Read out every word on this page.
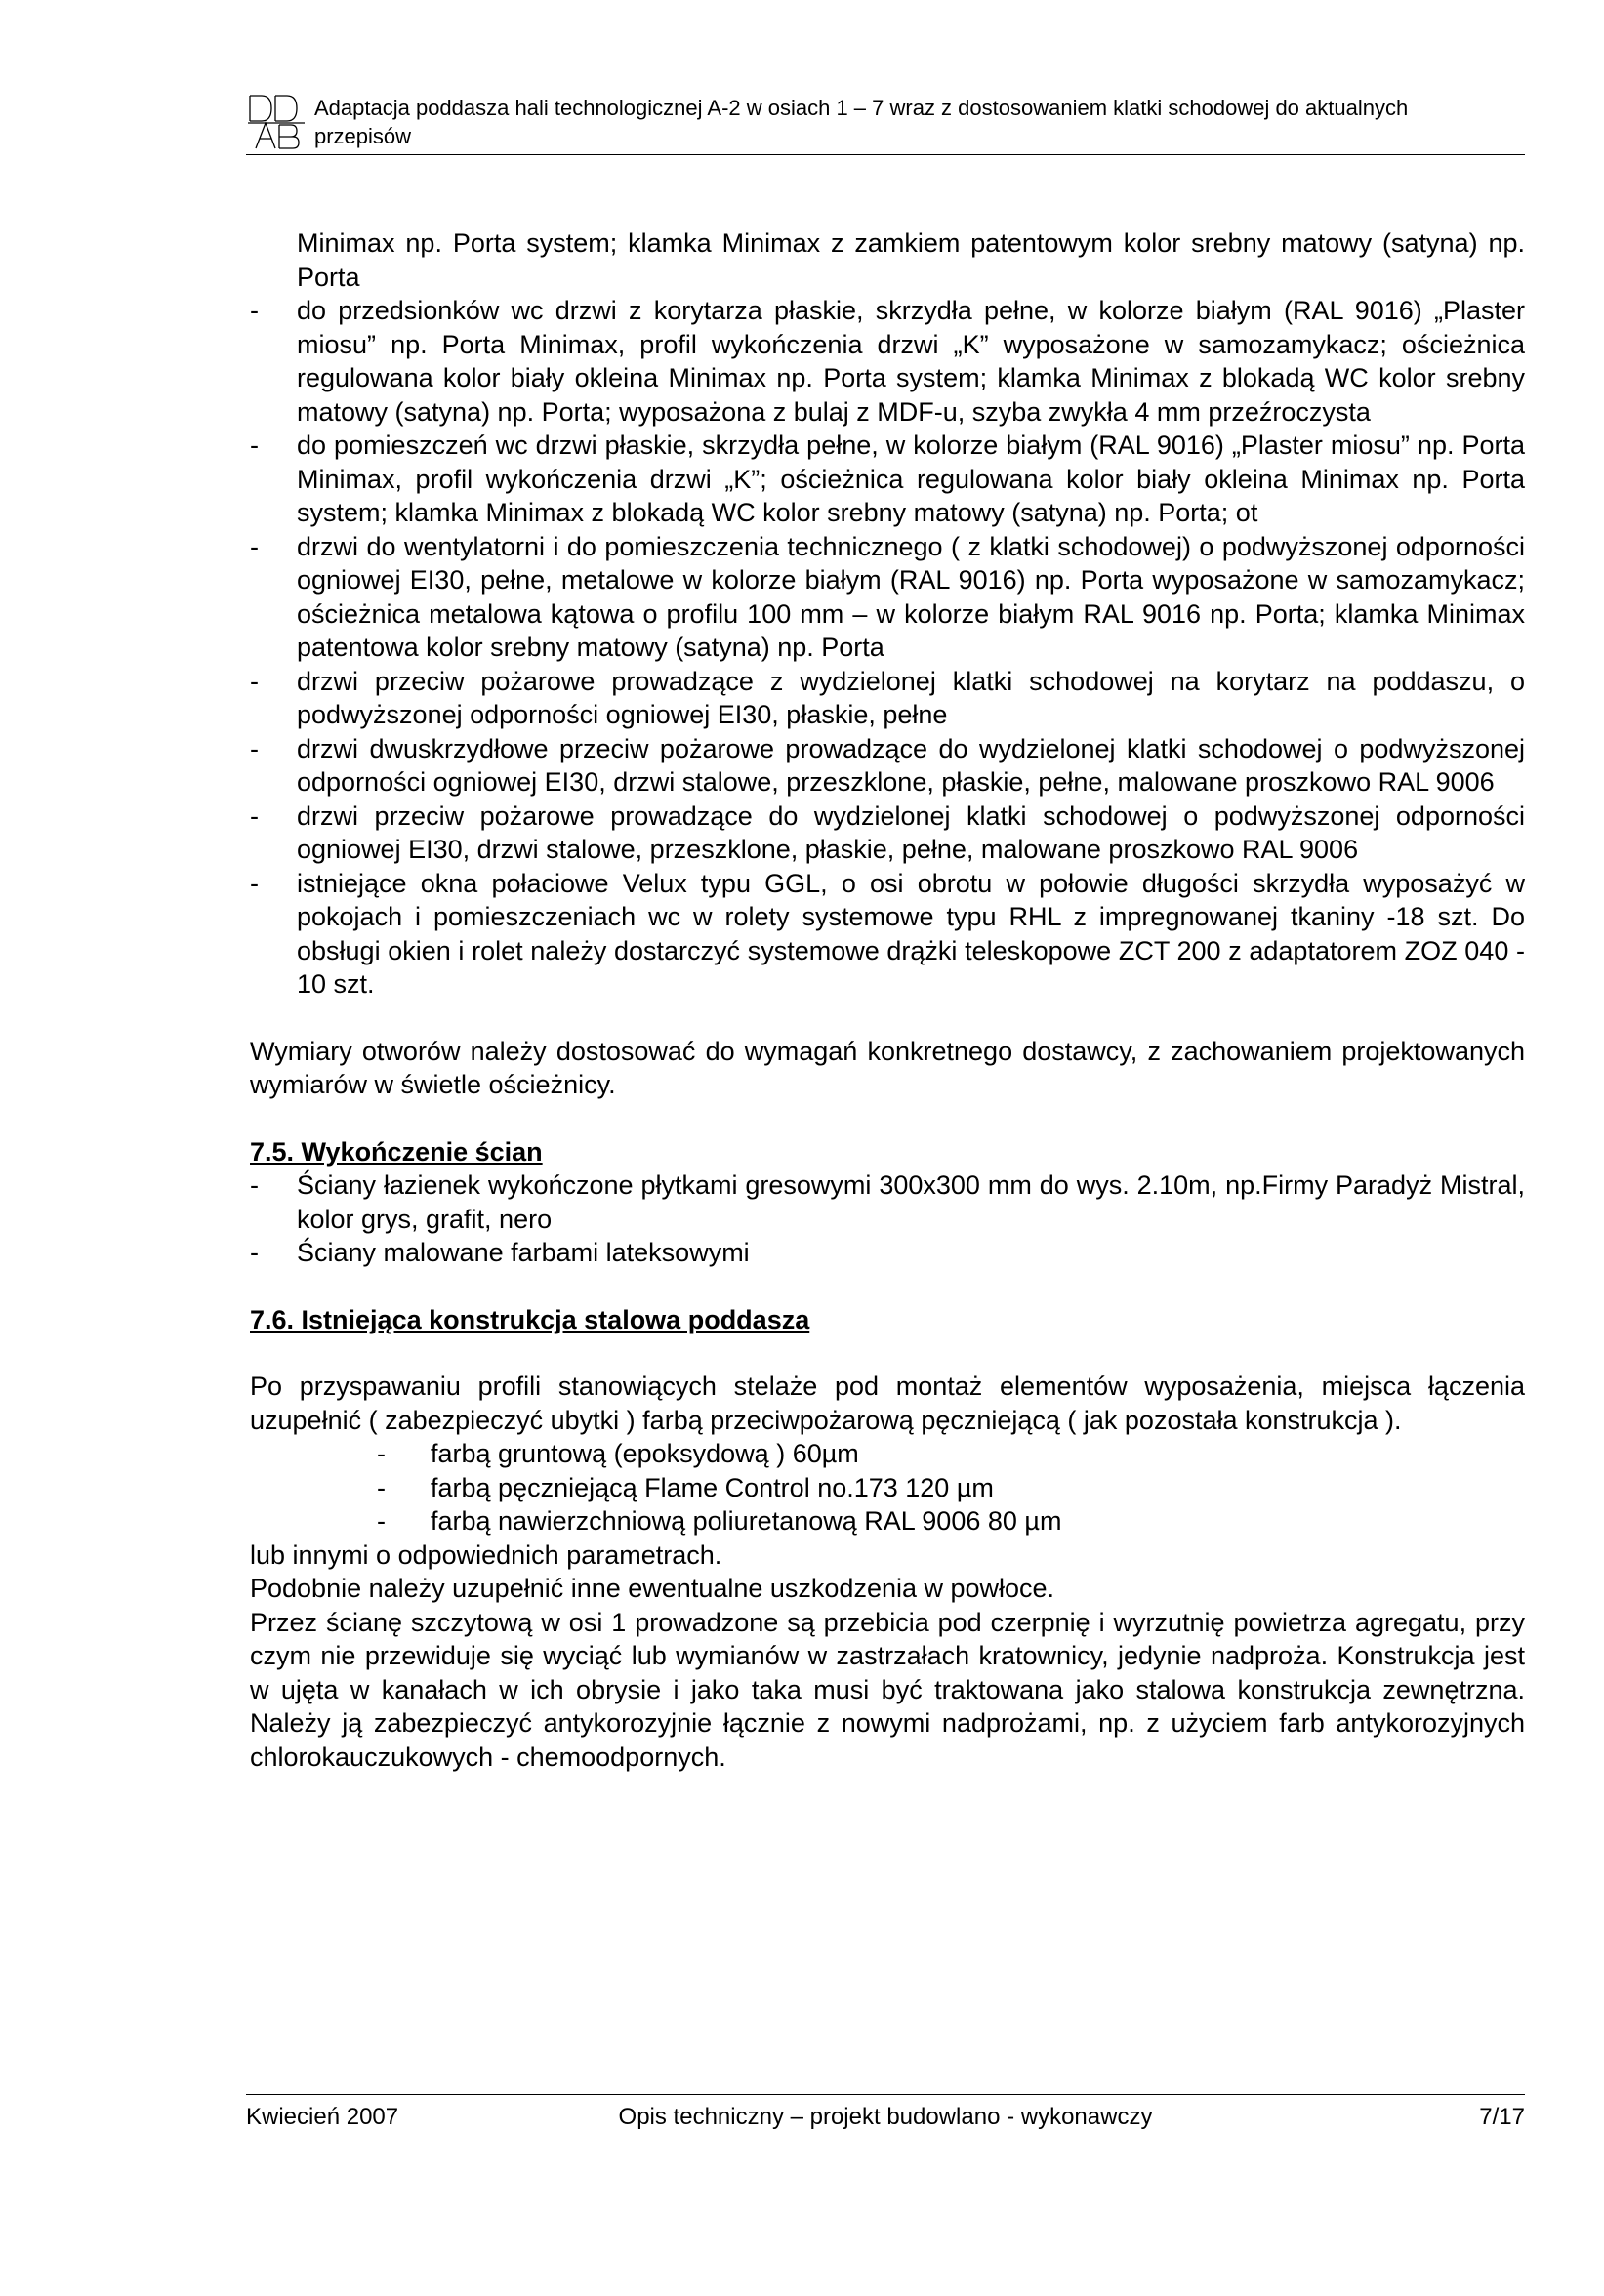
Adaptacja poddasza hali technologicznej A-2 w osiach 1 – 7 wraz z dostosowaniem klatki schodowej do aktualnych przepisów

Minimax np. Porta system; klamka Minimax z zamkiem patentowym kolor srebny matowy (satyna) np. Porta

- do przedsionków wc drzwi z korytarza płaskie, skrzydła pełne, w kolorze białym (RAL 9016) „Plaster miosu” np. Porta Minimax, profil wykończenia drzwi „K” wyposażone w samozamykacz; ościeżnica regulowana kolor biały okleina Minimax np. Porta system; klamka Minimax z blokadą WC kolor srebny matowy (satyna) np. Porta; wyposażona z bulaj z MDF-u, szyba zwykła 4 mm przeźroczysta
- do pomieszczeń wc drzwi płaskie, skrzydła pełne, w kolorze białym (RAL 9016) „Plaster miosu” np. Porta Minimax, profil wykończenia drzwi „K”; ościeżnica regulowana kolor biały okleina Minimax np. Porta system; klamka Minimax z blokadą WC kolor srebny matowy (satyna) np. Porta; ot
- drzwi do wentylatorni i do pomieszczenia technicznego ( z klatki schodowej) o podwyższonej odporności ogniowej EI30, pełne, metalowe w kolorze białym (RAL 9016) np. Porta wyposażone w samozamykacz; ościeżnica metalowa kątowa o profilu 100 mm – w kolorze białym RAL 9016 np. Porta; klamka Minimax patentowa kolor srebny matowy (satyna) np. Porta
- drzwi przeciw pożarowe prowadzące z wydzielonej klatki schodowej na korytarz na poddaszu, o podwyższonej odporności ogniowej EI30, płaskie, pełne
- drzwi dwuskrzydłowe przeciw pożarowe prowadzące do wydzielonej klatki schodowej o podwyższonej odporności ogniowej EI30, drzwi stalowe, przeszklone, płaskie, pełne, malowane proszkowo RAL 9006
- drzwi przeciw pożarowe prowadzące do wydzielonej klatki schodowej o podwyższonej odporności ogniowej EI30, drzwi stalowe, przeszklone, płaskie, pełne, malowane proszkowo RAL 9006
- istniejące okna połaciowe Velux typu GGL, o osi obrotu w połowie długości skrzydła wyposażyć w pokojach i pomieszczeniach wc w rolety systemowe typu RHL z impregnowanej tkaniny -18 szt. Do obsługi okien i rolet należy dostarczyć systemowe drążki teleskopowe ZCT 200 z adaptatorem ZOZ 040 - 10 szt.

Wymiary otworów należy dostosować do wymagań konkretnego dostawcy, z zachowaniem projektowanych wymiarów w świetle ościeżnicy.

7.5. Wykończenie ścian

- Ściany łazienek wykończone płytkami gresowymi 300x300 mm do wys. 2.10m, np.Firmy Paradyż Mistral, kolor grys, grafit, nero
- Ściany malowane farbami lateksowymi

7.6. Istniejąca konstrukcja stalowa poddasza

Po przyspawaniu profili stanowiących stelaże pod montaż elementów wyposażenia, miejsca łączenia uzupełnić ( zabezpieczyć ubytki ) farbą przeciwpożarową pęczniejącą ( jak pozostała konstrukcja ).

- farbą gruntową (epoksydową ) 60µm
- farbą pęczniejącą Flame Control no.173 120 µm
- farbą nawierzchniową poliuretanową RAL 9006 80 µm

lub innymi o odpowiednich parametrach.

Podobnie należy uzupełnić inne ewentualne uszkodzenia w powłoce.

Przez ścianę szczytową w osi 1 prowadzone są przebicia pod czerpnię i wyrzutnię powietrza agregatu, przy czym nie przewiduje się wyciąć lub wymianów w zastrzałach kratownicy, jedynie nadproża. Konstrukcja jest w ujęta w kanałach w ich obrysie i jako taka musi być traktowana jako stalowa konstrukcja zewnętrzna. Należy ją zabezpieczyć antykorozyjnie łącznie z nowymi nadprożami, np. z użyciem farb antykorozyjnych chlorokauczukowych - chemoodpornych.

Kwiecień 2007	Opis techniczny – projekt budowlano - wykonawczy	7/17
